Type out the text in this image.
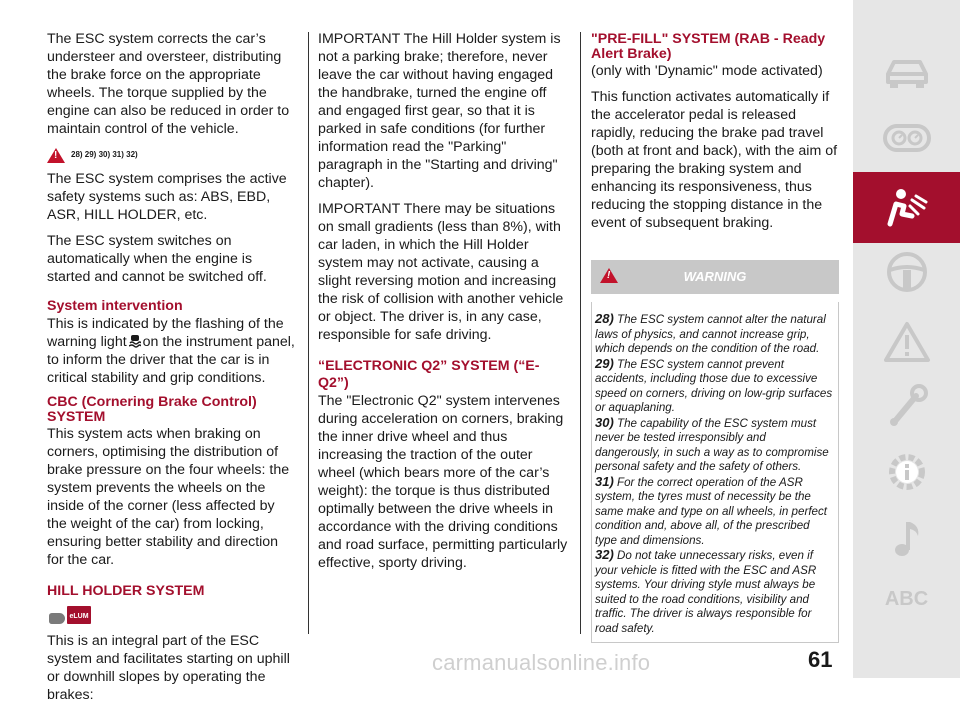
The ESC system corrects the car’s understeer and oversteer, distributing the brake force on the appropriate wheels. The torque supplied by the engine can also be reduced in order to maintain control of the vehicle.

!
28) 29) 30) 31) 32)

The ESC system comprises the active safety systems such as: ABS, EBD, ASR, HILL HOLDER, etc.

The ESC system switches on automatically when the engine is started and cannot be switched off.

System intervention

This is indicated by the flashing of the warning light on the instrument panel, to inform the driver that the car is in critical stability and grip conditions.

CBC (Cornering Brake Control) SYSTEM

This system acts when braking on corners, optimising the distribution of brake pressure on the four wheels: the system prevents the wheels on the inside of the corner (less affected by the weight of the car) from locking, ensuring better stability and direction for the car.

HILL HOLDER SYSTEM
eLUM

This is an integral part of the ESC system and facilitates starting on uphill or downhill slopes by operating the brakes:

IMPORTANT The Hill Holder system is not a parking brake; therefore, never leave the car without having engaged the handbrake, turned the engine off and engaged first gear, so that it is parked in safe conditions (for further information read the "Parking" paragraph in the "Starting and driving" chapter).

IMPORTANT There may be situations on small gradients (less than 8%), with car laden, in which the Hill Holder system may not activate, causing a slight reversing motion and increasing the risk of collision with another vehicle or object. The driver is, in any case, responsible for safe driving.

“ELECTRONIC Q2” SYSTEM (“E-Q2”)

The "Electronic Q2" system intervenes during acceleration on corners, braking the inner drive wheel and thus increasing the traction of the outer wheel (which bears more of the car’s weight): the torque is thus distributed optimally between the drive wheels in accordance with the driving conditions and road surface, permitting particularly effective, sporty driving.

"PRE-FILL" SYSTEM (RAB - Ready Alert Brake)

(only with 'Dynamic" mode activated)

This function activates automatically if the accelerator pedal is released rapidly, reducing the brake pad travel (both at front and back), with the aim of preparing the braking system and enhancing its responsiveness, thus reducing the stopping distance in the event of subsequent braking.

!
WARNING
28) The ESC system cannot alter the natural laws of physics, and cannot increase grip, which depends on the condition of the road.
29) The ESC system cannot prevent accidents, including those due to excessive speed on corners, driving on low-grip surfaces or aquaplaning.
30) The capability of the ESC system must never be tested irresponsibly and dangerously, in such a way as to compromise personal safety and the safety of others.
31) For the correct operation of the ASR system, the tyres must of necessity be the same make and type on all wheels, in perfect condition and, above all, of the prescribed type and dimensions.
32) Do not take unnecessary risks, even if your vehicle is fitted with the ESC and ASR systems. Your driving style must always be suited to the road conditions, visibility and traffic. The driver is always responsible for road safety.
ABC
carmanualsonline.info	61
